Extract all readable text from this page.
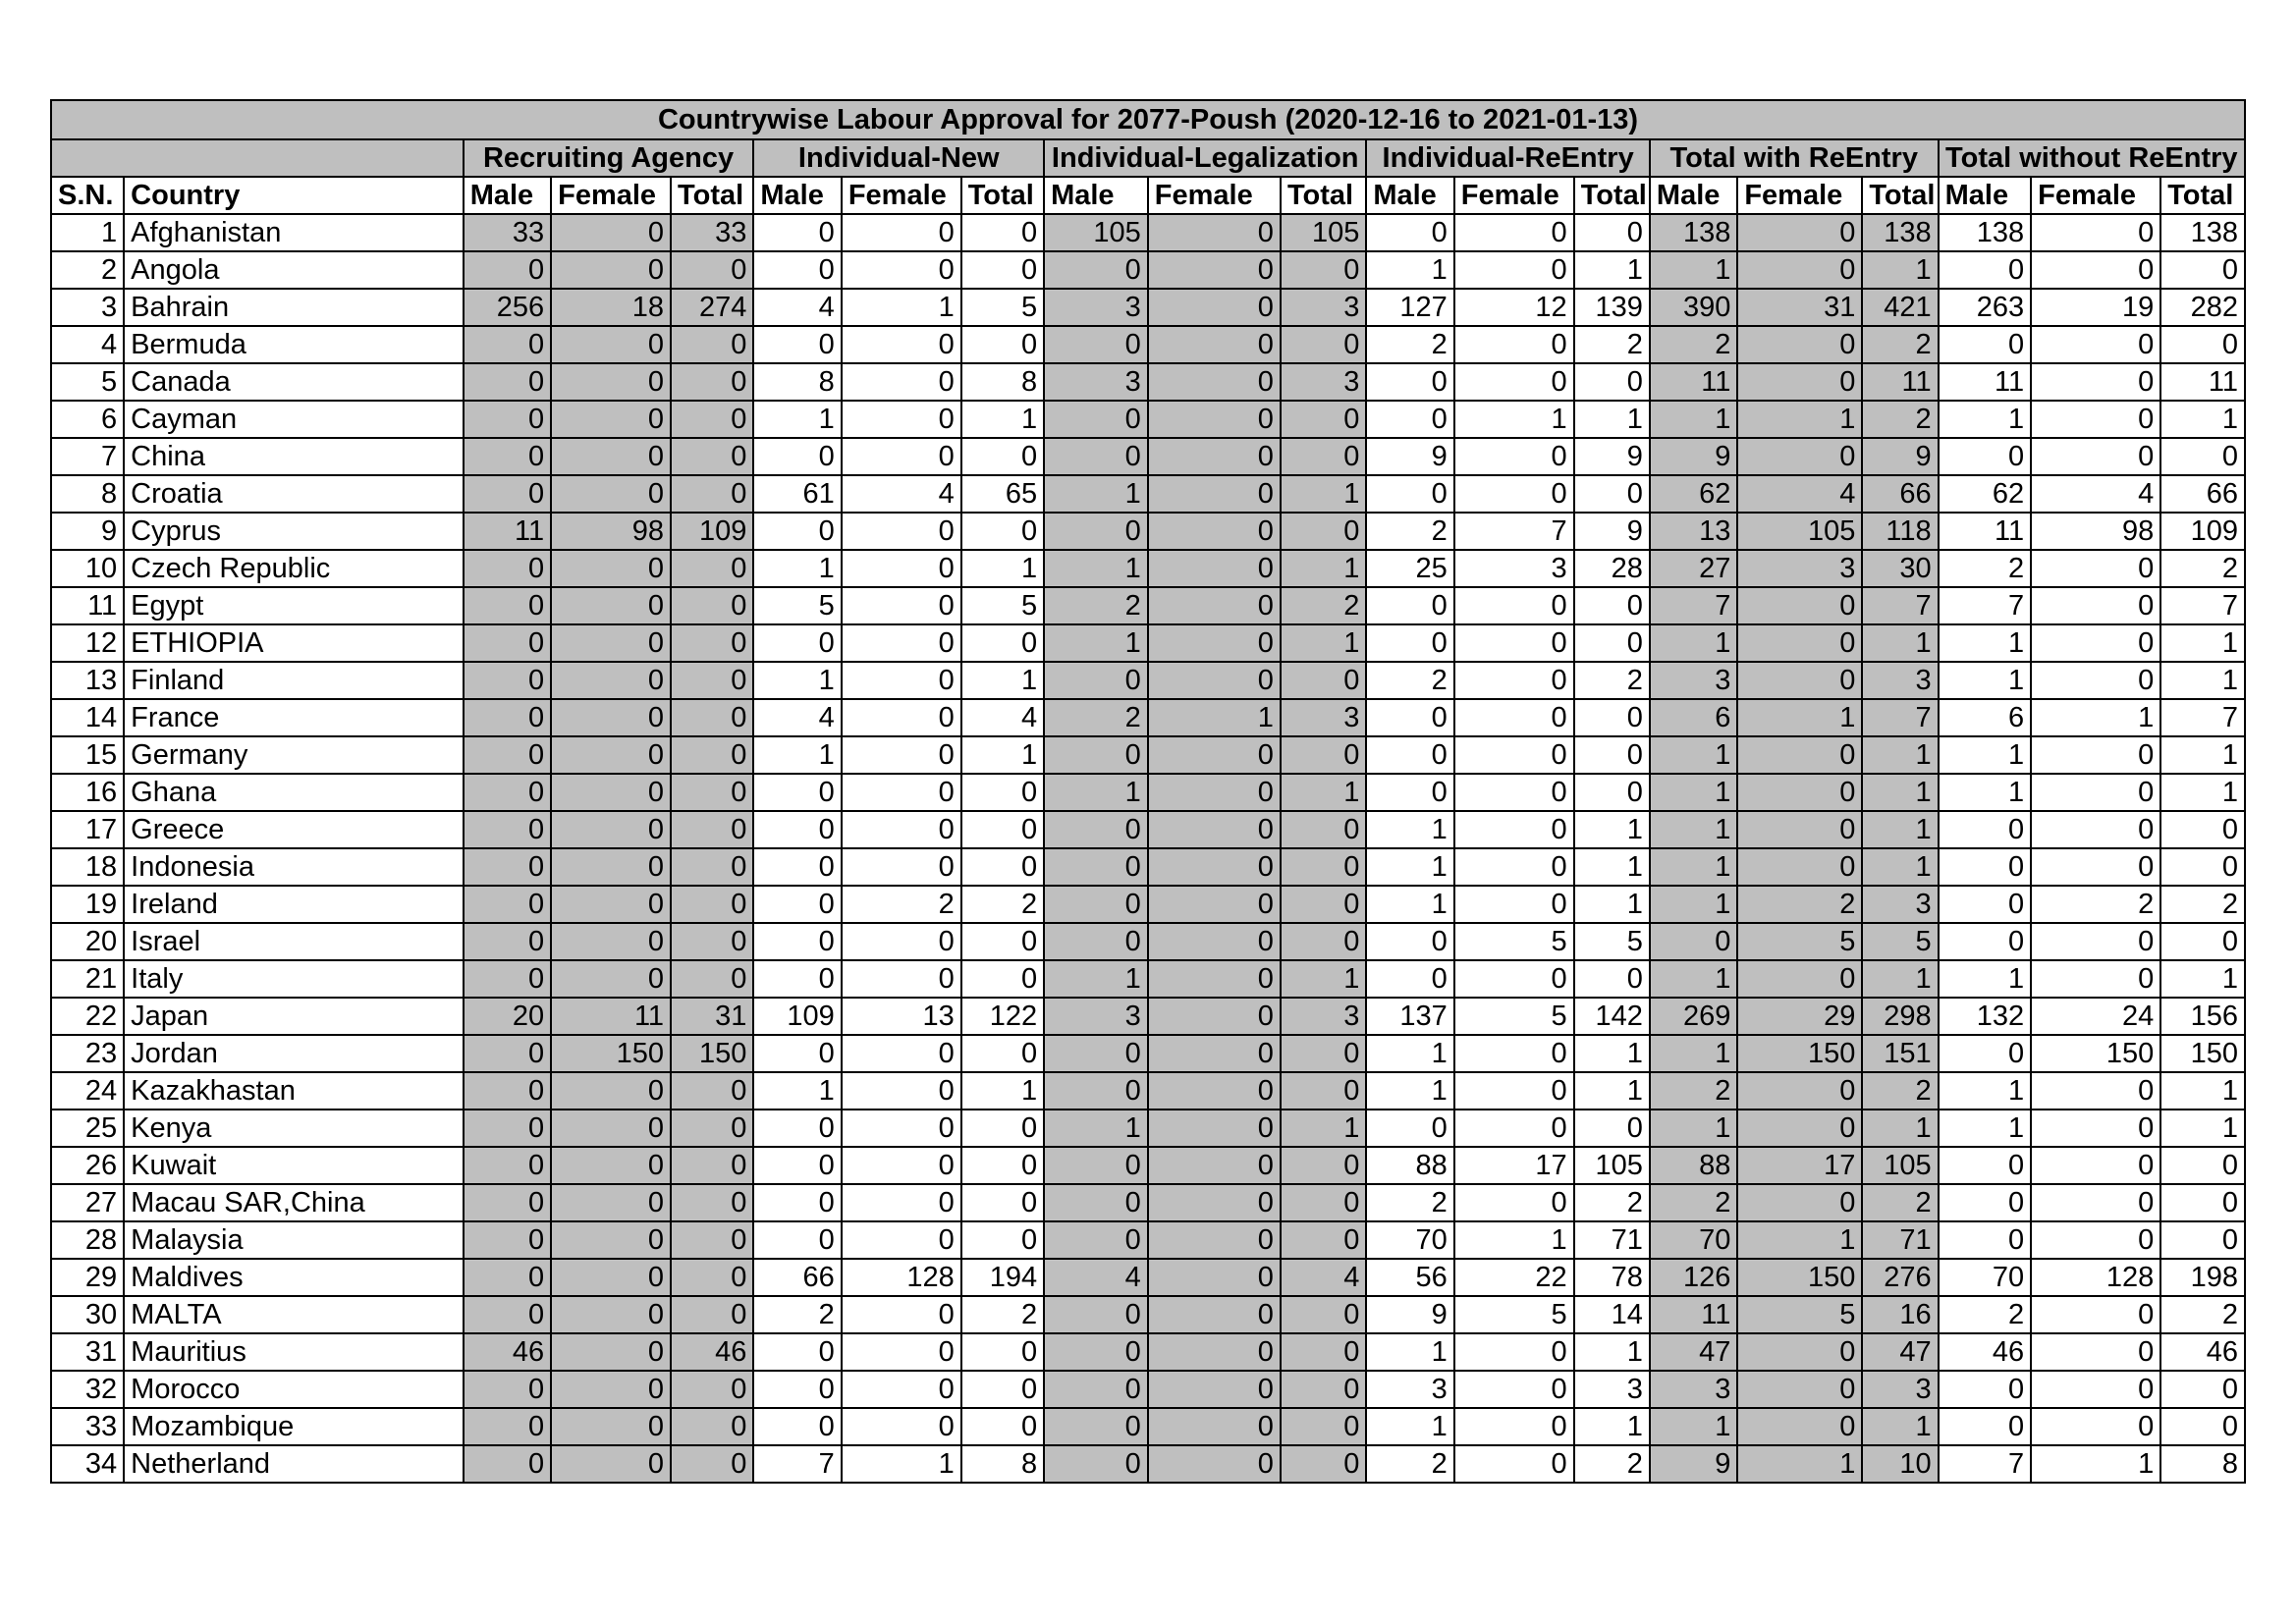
Countrywise Labour Approval for 2077-Poush (2020-12-16 to 2021-01-13)																			
		Recruiting Agency			Individual-New			Individual-Legalization			Individual-ReEntry			Total with ReEntry			Total without ReEntry		
S.N.	Country	Male	Female	Total	Male	Female	Total	Male	Female	Total	Male	Female	Total	Male	Female	Total	Male	Female	Total
1	Afghanistan	33	0	33	0	0	0	105	0	105	0	0	0	138	0	138	138	0	138
2	Angola	0	0	0	0	0	0	0	0	0	1	0	1	1	0	1	0	0	0
3	Bahrain	256	18	274	4	1	5	3	0	3	127	12	139	390	31	421	263	19	282
4	Bermuda	0	0	0	0	0	0	0	0	0	2	0	2	2	0	2	0	0	0
5	Canada	0	0	0	8	0	8	3	0	3	0	0	0	11	0	11	11	0	11
6	Cayman	0	0	0	1	0	1	0	0	0	0	1	1	1	1	2	1	0	1
7	China	0	0	0	0	0	0	0	0	0	9	0	9	9	0	9	0	0	0
8	Croatia	0	0	0	61	4	65	1	0	1	0	0	0	62	4	66	62	4	66
9	Cyprus	11	98	109	0	0	0	0	0	0	2	7	9	13	105	118	11	98	109
10	Czech Republic	0	0	0	1	0	1	1	0	1	25	3	28	27	3	30	2	0	2
11	Egypt	0	0	0	5	0	5	2	0	2	0	0	0	7	0	7	7	0	7
12	ETHIOPIA	0	0	0	0	0	0	1	0	1	0	0	0	1	0	1	1	0	1
13	Finland	0	0	0	1	0	1	0	0	0	2	0	2	3	0	3	1	0	1
14	France	0	0	0	4	0	4	2	1	3	0	0	0	6	1	7	6	1	7
15	Germany	0	0	0	1	0	1	0	0	0	0	0	0	1	0	1	1	0	1
16	Ghana	0	0	0	0	0	0	1	0	1	0	0	0	1	0	1	1	0	1
17	Greece	0	0	0	0	0	0	0	0	0	1	0	1	1	0	1	0	0	0
18	Indonesia	0	0	0	0	0	0	0	0	0	1	0	1	1	0	1	0	0	0
19	Ireland	0	0	0	0	2	2	0	0	0	1	0	1	1	2	3	0	2	2
20	Israel	0	0	0	0	0	0	0	0	0	0	5	5	0	5	5	0	0	0
21	Italy	0	0	0	0	0	0	1	0	1	0	0	0	1	0	1	1	0	1
22	Japan	20	11	31	109	13	122	3	0	3	137	5	142	269	29	298	132	24	156
23	Jordan	0	150	150	0	0	0	0	0	0	1	0	1	1	150	151	0	150	150
24	Kazakhastan	0	0	0	1	0	1	0	0	0	1	0	1	2	0	2	1	0	1
25	Kenya	0	0	0	0	0	0	1	0	1	0	0	0	1	0	1	1	0	1
26	Kuwait	0	0	0	0	0	0	0	0	0	88	17	105	88	17	105	0	0	0
27	Macau SAR,China	0	0	0	0	0	0	0	0	0	2	0	2	2	0	2	0	0	0
28	Malaysia	0	0	0	0	0	0	0	0	0	70	1	71	70	1	71	0	0	0
29	Maldives	0	0	0	66	128	194	4	0	4	56	22	78	126	150	276	70	128	198
30	MALTA	0	0	0	2	0	2	0	0	0	9	5	14	11	5	16	2	0	2
31	Mauritius	46	0	46	0	0	0	0	0	0	1	0	1	47	0	47	46	0	46
32	Morocco	0	0	0	0	0	0	0	0	0	3	0	3	3	0	3	0	0	0
33	Mozambique	0	0	0	0	0	0	0	0	0	1	0	1	1	0	1	0	0	0
34	Netherland	0	0	0	7	1	8	0	0	0	2	0	2	9	1	10	7	1	8
